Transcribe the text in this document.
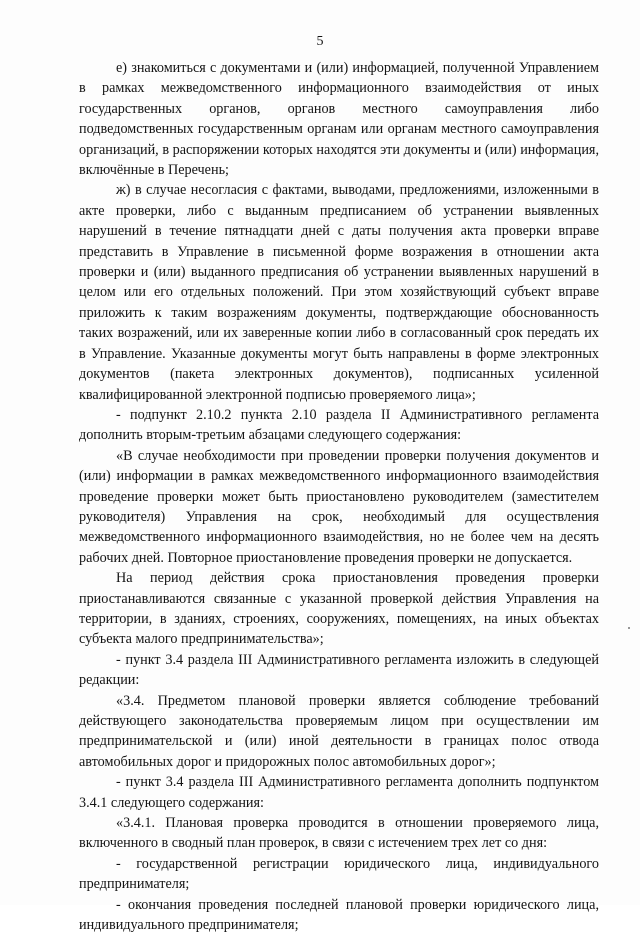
5

е) знакомиться с документами и (или) информацией, полученной Управлением в рамках межведомственного информационного взаимодействия от иных государственных органов, органов местного самоуправления либо подведомственных государственным органам или органам местного самоуправления организаций, в распоряжении которых находятся эти документы и (или) информация, включённые в Перечень;

ж) в случае несогласия с фактами, выводами, предложениями, изложенными в акте проверки, либо с выданным предписанием об устранении выявленных нарушений в течение пятнадцати дней с даты получения акта проверки вправе представить в Управление в письменной форме возражения в отношении акта проверки и (или) выданного предписания об устранении выявленных нарушений в целом или его отдельных положений. При этом хозяйствующий субъект вправе приложить к таким возражениям документы, подтверждающие обоснованность таких возражений, или их заверенные копии либо в согласованный срок передать их в Управление. Указанные документы могут быть направлены в форме электронных документов (пакета электронных документов), подписанных усиленной квалифицированной электронной подписью проверяемого лица»;

- подпункт 2.10.2 пункта 2.10 раздела II Административного регламента дополнить вторым-третьим абзацами следующего содержания:

«В случае необходимости при проведении проверки получения документов и (или) информации в рамках межведомственного информационного взаимодействия проведение проверки может быть приостановлено руководителем (заместителем руководителя) Управления на срок, необходимый для осуществления межведомственного информационного взаимодействия, но не более чем на десять рабочих дней. Повторное приостановление проведения проверки не допускается.

На период действия срока приостановления проведения проверки приостанавливаются связанные с указанной проверкой действия Управления на территории, в зданиях, строениях, сооружениях, помещениях, на иных объектах субъекта малого предпринимательства»;

- пункт 3.4 раздела III Административного регламента изложить в следующей редакции:

«3.4. Предметом плановой проверки является соблюдение требований действующего законодательства проверяемым лицом при осуществлении им предпринимательской и (или) иной деятельности в границах полос отвода автомобильных дорог и придорожных полос автомобильных дорог»;

- пункт 3.4 раздела III Административного регламента дополнить подпунктом 3.4.1 следующего содержания:

«3.4.1. Плановая проверка проводится в отношении проверяемого лица, включенного в сводный план проверок, в связи с истечением трех лет со дня:

- государственной регистрации юридического лица, индивидуального предпринимателя;

- окончания проведения последней плановой проверки юридического лица, индивидуального предпринимателя;
